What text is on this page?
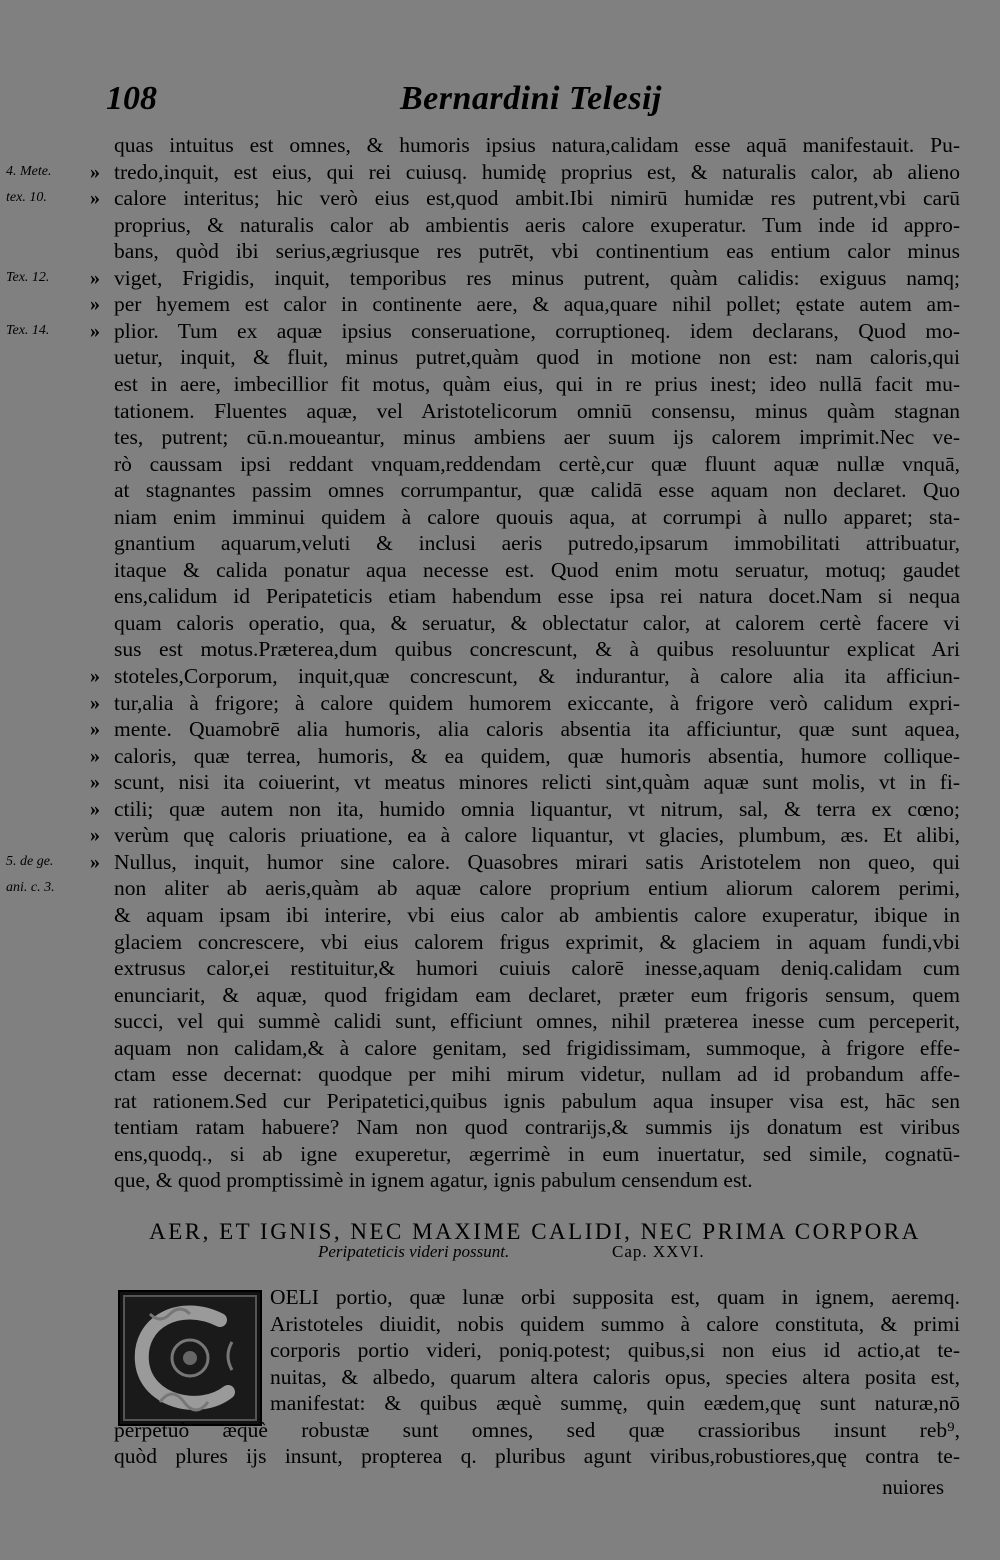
108	Bernardini Telesij
quas intuitus est omnes, & humoris ipsius natura,calidam esse aquā manifestauit. Pu-
tredo,inquit, est eius, qui rei cuiusq. humidę proprius est, & naturalis calor, ab alieno
calore interitus; hic verò eius est,quod ambit.Ibi nimirū humidæ res putrent,vbi carū
proprius, & naturalis calor ab ambientis aeris calore exuperatur. Tum inde id appro-
bans, quòd ibi serius,ægriusque res putrēt, vbi continentium eas entium calor minus
viget, Frigidis, inquit, temporibus res minus putrent, quàm calidis: exiguus namq;
per hyemem est calor in continente aere, & aqua,quare nihil pollet; ęstate autem am-
plior. Tum ex aquæ ipsius conseruatione, corruptioneq. idem declarans, Quod mo-
uetur, inquit, & fluit, minus putret,quàm quod in motione non est: nam caloris,qui
est in aere, imbecillior fit motus, quàm eius, qui in re prius inest; ideo nullā facit mu-
tationem. Fluentes aquæ, vel Aristotelicorum omniū consensu, minus quàm stagnan
tes, putrent; cū.n.moueantur, minus ambiens aer suum ijs calorem imprimit.Nec ve-
rò caussam ipsi reddant vnquam,reddendam certè,cur quæ fluunt aquæ nullæ vnquā,
at stagnantes passim omnes corrumpantur, quæ calidā esse aquam non declaret. Quo
niam enim imminui quidem à calore quouis aqua, at corrumpi à nullo apparet; sta-
gnantium aquarum,veluti & inclusi aeris putredo,ipsarum immobilitati attribuatur,
itaque & calida ponatur aqua necesse est. Quod enim motu seruatur, motuq; gaudet
ens,calidum id Peripateticis etiam habendum esse ipsa rei natura docet.Nam si nequa
quam caloris operatio, qua, & seruatur, & oblectatur calor, at calorem certè facere vi
sus est motus.Præterea,dum quibus concrescunt, & à quibus resoluuntur explicat Ari
stoteles,Corporum, inquit,quæ concrescunt, & indurantur, à calore alia ita afficiun-
tur,alia à frigore; à calore quidem humorem exiccante, à frigore verò calidum expri-
mente. Quamobrē alia humoris, alia caloris absentia ita afficiuntur, quæ sunt aquea,
caloris, quæ terrea, humoris, & ea quidem, quæ humoris absentia, humore collique-
scunt, nisi ita coiuerint, vt meatus minores relicti sint,quàm aquæ sunt molis, vt in fi-
ctili; quæ autem non ita, humido omnia liquantur, vt nitrum, sal, & terra ex cœno;
verùm quę caloris priuatione, ea à calore liquantur, vt glacies, plumbum, æs. Et alibi,
Nullus, inquit, humor sine calore. Quasobres mirari satis Aristotelem non queo, qui
non aliter ab aeris,quàm ab aquæ calore proprium entium aliorum calorem perimi,
& aquam ipsam ibi interire, vbi eius calor ab ambientis calore exuperatur, ibique in
glaciem concrescere, vbi eius calorem frigus exprimit, & glaciem in aquam fundi,vbi
extrusus calor,ei restituitur,& humori cuiuis calorē inesse,aquam deniq.calidam cum
enunciarit, & aquæ, quod frigidam eam declaret, præter eum frigoris sensum, quem
succi, vel qui summè calidi sunt, efficiunt omnes, nihil præterea inesse cum perceperit,
aquam non calidam,& à calore genitam, sed frigidissimam, summoque, à frigore effe-
ctam esse decernat: quodque per mihi mirum videtur, nullam ad id probandum affe-
rat rationem.Sed cur Peripatetici,quibus ignis pabulum aqua insuper visa est, hāc sen
tentiam ratam habuere? Nam non quod contrarijs,& summis ijs donatum est viribus
ens,quodq., si ab igne exuperetur, ægerrimè in eum inuertatur, sed simile, cognatū-
que, & quod promptissimè in ignem agatur, ignis pabulum censendum est.
»
»
»
»
»
»
»
»
»
»
»
»
»
4. Mete.
tex. 10.
Tex. 12.
Tex. 14.
5. de ge.
ani. c. 3.
AER, ET IGNIS, NEC MAXIME CALIDI, NEC PRIMA CORPORA
Peripateticis videri possunt.	Cap. XXVI.
OELI portio, quæ lunæ orbi supposita est, quam in ignem, aeremq.
Aristoteles diuidit, nobis quidem summo à calore constituta, & primi
corporis portio videri, poniq.potest; quibus,si non eius id actio,at te-
nuitas, & albedo, quarum altera caloris opus, species altera posita est,
manifestat: & quibus æquè summę, quin eædem,quę sunt naturæ,nō
perpetuò æquè robustæ sunt omnes, sed quæ crassioribus insunt reb⁹,
quòd plures ijs insunt, propterea q. pluribus agunt viribus,robustiores,quę contra te-
nuiores
